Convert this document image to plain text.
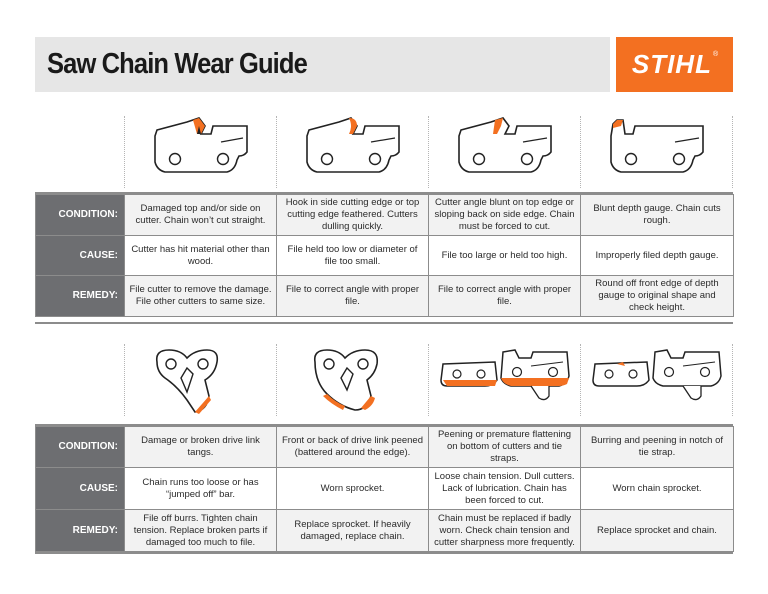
Saw Chain Wear Guide	STIHL ®
CONDITION:	Damaged top and/or side on cutter. Chain won’t cut straight.	Hook in side cutting edge or top cutting edge feathered. Cutters dulling quickly.	Cutter angle blunt on top edge or sloping back on side edge. Chain must be forced to cut.	Blunt depth gauge. Chain cuts rough.
CAUSE:	Cutter has hit material other than wood.	File held too low or diameter of file too small.	File too large or held too high.	Improperly filed depth gauge.
REMEDY:	File cutter to remove the damage. File other cutters to same size.	File to correct angle with proper file.	File to correct angle with proper file.	Round off front edge of depth gauge to original shape and check height.
CONDITION:	Damage or broken drive link tangs.	Front or back of drive link peened (battered around the edge).	Peening or premature flattening on bottom of cutters and tie straps.	Burring and peening in notch of tie strap.
CAUSE:	Chain runs too loose or has “jumped off” bar.	Worn sprocket.	Loose chain tension. Dull cutters. Lack of lubrication. Chain has been forced to cut.	Worn chain sprocket.
REMEDY:	File off burrs. Tighten chain tension. Replace broken parts if damaged too much to file.	Replace sprocket. If heavily damaged, replace chain.	Chain must be replaced if badly worn. Check chain tension and cutter sharpness more frequently.	Replace sprocket and chain.
